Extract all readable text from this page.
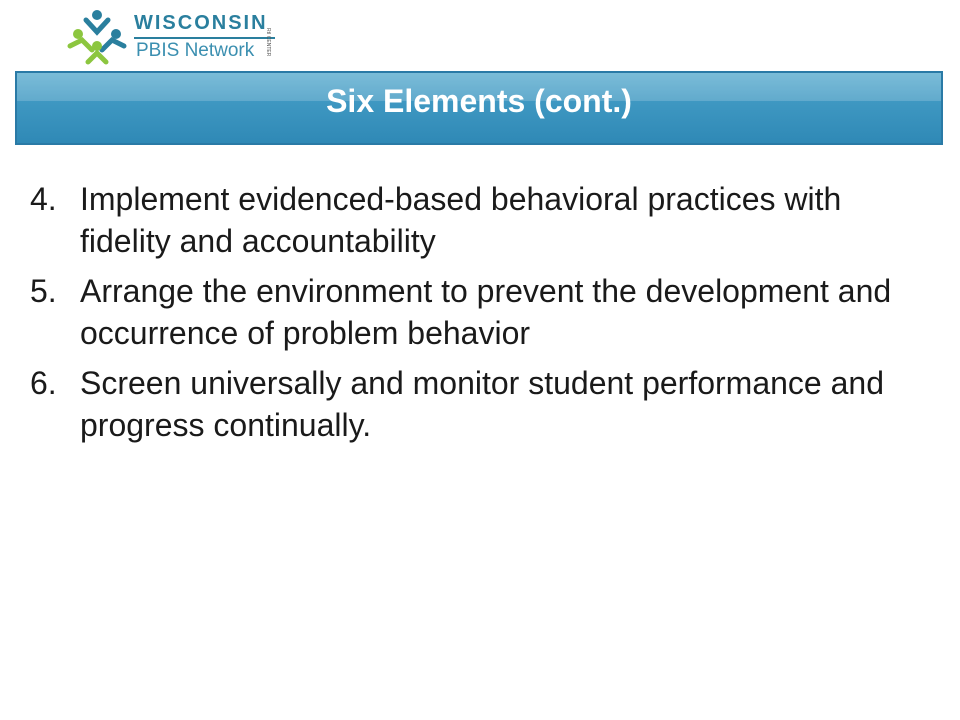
WISCONSIN
PBIS Network RtI CENTER
Six Elements (cont.)
4. Implement evidenced-based behavioral practices with fidelity and accountability
5. Arrange the environment to prevent the development and occurrence of problem behavior
6. Screen universally and monitor student performance and progress continually.
